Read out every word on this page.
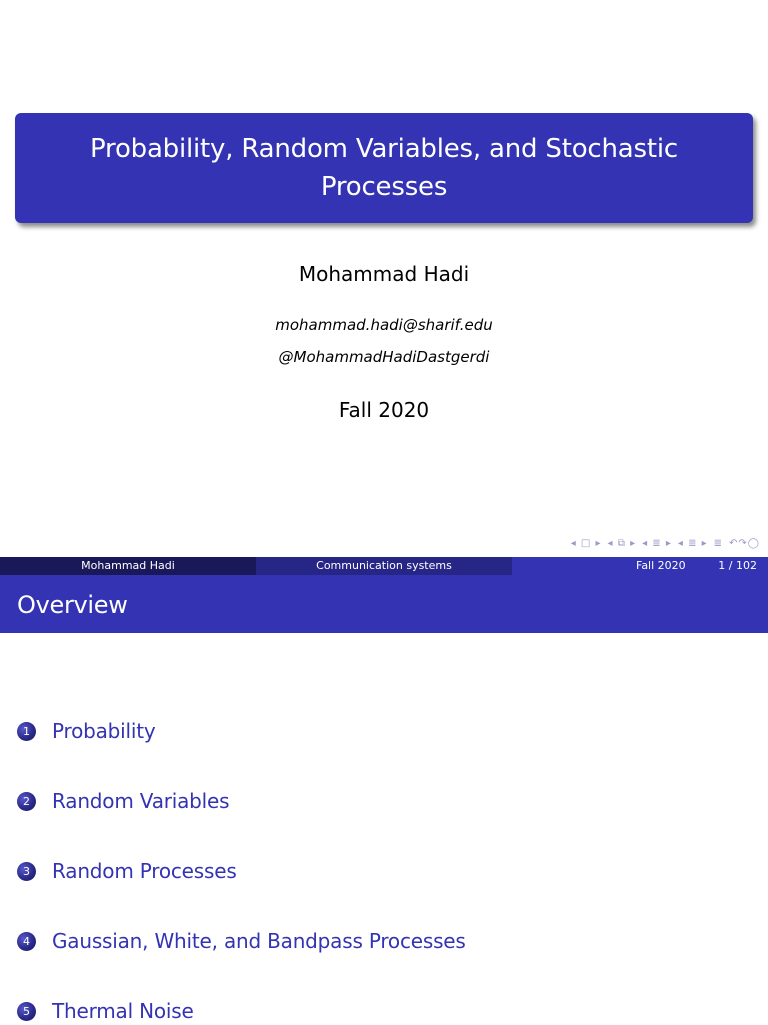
Probability, Random Variables, and Stochastic Processes
Mohammad Hadi
mohammad.hadi@sharif.edu
@MohammadHadiDastgerdi
Fall 2020
◂ □ ▸ ◂ ⧉ ▸ ◂ ≣ ▸ ◂ ≣ ▸ ≣ ↶↷◯
Mohammad Hadi	Communication systems	Fall 2020	1 / 102
Overview
1	Probability
2	Random Variables
3	Random Processes
4	Gaussian, White, and Bandpass Processes
5	Thermal Noise
